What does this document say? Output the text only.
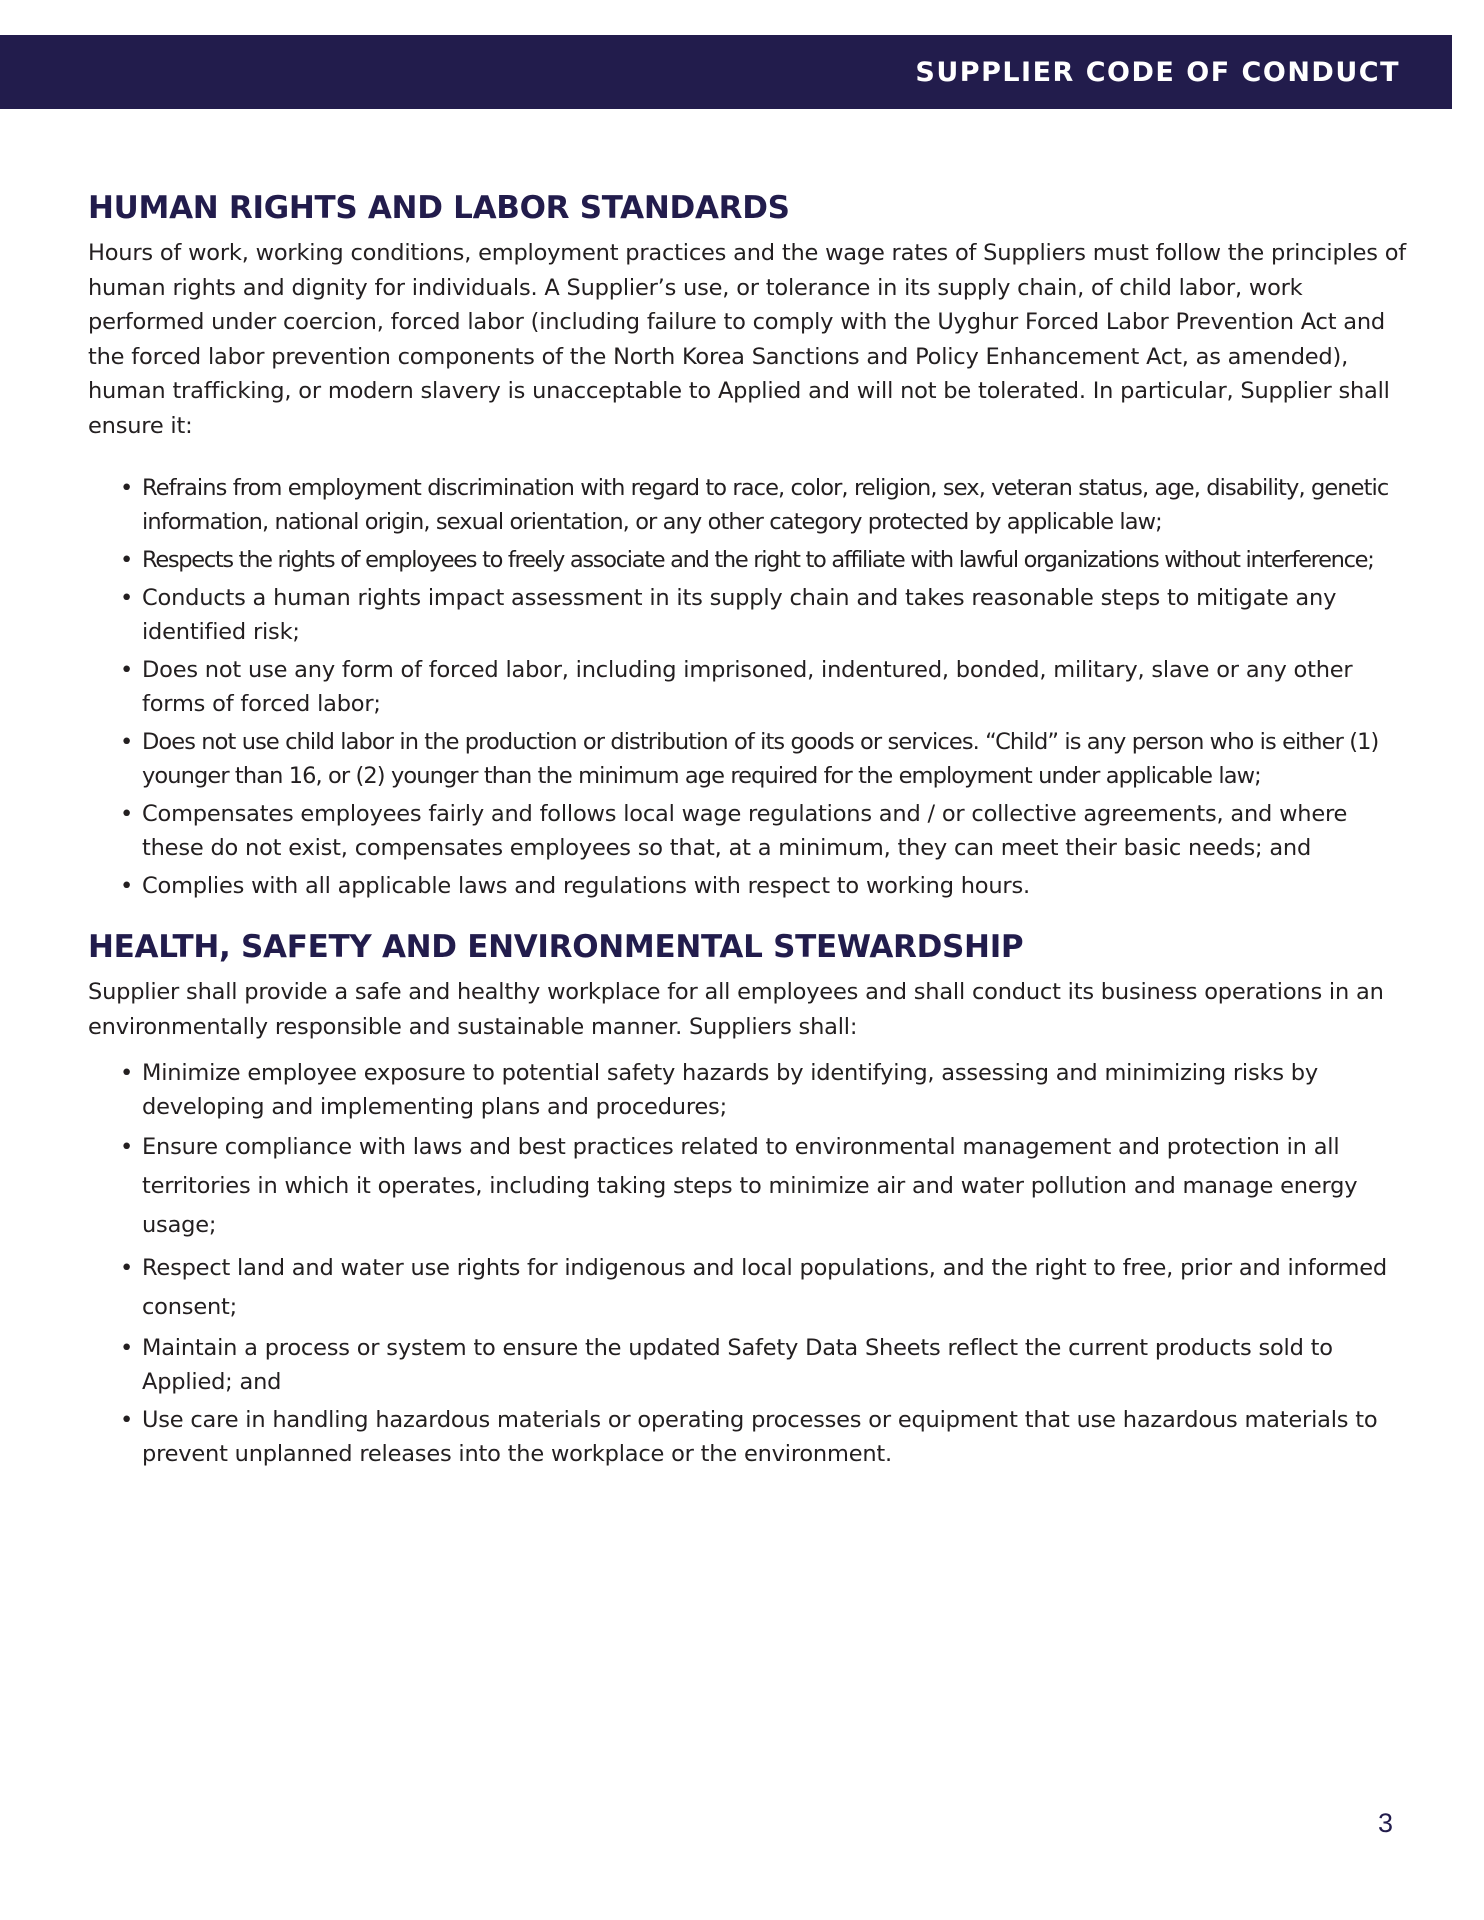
SUPPLIER CODE OF CONDUCT
HUMAN RIGHTS AND LABOR STANDARDS

Hours of work, working conditions, employment practices and the wage rates of Suppliers must follow the principles of human rights and dignity for individuals. A Supplier’s use, or tolerance in its supply chain, of child labor, work performed under coercion, forced labor (including failure to comply with the Uyghur Forced Labor Prevention Act and the forced labor prevention components of the North Korea Sanctions and Policy Enhancement Act, as amended), human trafficking, or modern slavery is unacceptable to Applied and will not be tolerated. In particular, Supplier shall ensure it:

• Refrains from employment discrimination with regard to race, color, religion, sex, veteran status, age, disability, genetic information, national origin, sexual orientation, or any other category protected by applicable law;
• Respects the rights of employees to freely associate and the right to affiliate with lawful organizations without interference;
• Conducts a human rights impact assessment in its supply chain and takes reasonable steps to mitigate any identified risk;
• Does not use any form of forced labor, including imprisoned, indentured, bonded, military, slave or any other forms of forced labor;
• Does not use child labor in the production or distribution of its goods or services. “Child” is any person who is either (1) younger than 16, or (2) younger than the minimum age required for the employment under applicable law;
• Compensates employees fairly and follows local wage regulations and / or collective agreements, and where these do not exist, compensates employees so that, at a minimum, they can meet their basic needs; and
• Complies with all applicable laws and regulations with respect to working hours.
HEALTH, SAFETY AND ENVIRONMENTAL STEWARDSHIP

Supplier shall provide a safe and healthy workplace for all employees and shall conduct its business operations in an environmentally responsible and sustainable manner. Suppliers shall:

• Minimize employee exposure to potential safety hazards by identifying, assessing and minimizing risks by developing and implementing plans and procedures;
• Ensure compliance with laws and best practices related to environmental management and protection in all territories in which it operates, including taking steps to minimize air and water pollution and manage energy usage;
• Respect land and water use rights for indigenous and local populations, and the right to free, prior and informed consent;
• Maintain a process or system to ensure the updated Safety Data Sheets reflect the current products sold to Applied; and
• Use care in handling hazardous materials or operating processes or equipment that use hazardous materials to prevent unplanned releases into the workplace or the environment.
3
